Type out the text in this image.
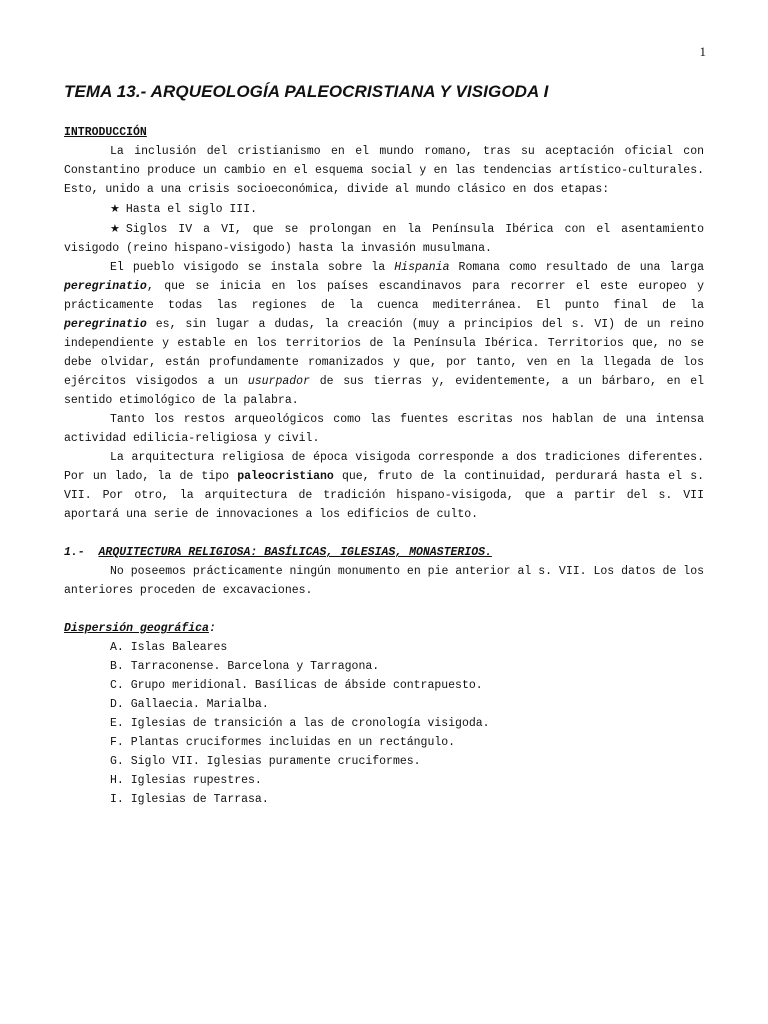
1
TEMA 13.- ARQUEOLOGÍA PALEOCRISTIANA Y VISIGODA I

INTRODUCCIÓN

La inclusión del cristianismo en el mundo romano, tras su aceptación oficial con Constantino produce un cambio en el esquema social y en las tendencias artístico-culturales. Esto, unido a una crisis socioeconómica, divide al mundo clásico en dos etapas:

★ Hasta el siglo III.

★ Siglos IV a VI, que se prolongan en la Península Ibérica con el asentamiento visigodo (reino hispano-visigodo) hasta la invasión musulmana.

El pueblo visigodo se instala sobre la Hispania Romana como resultado de una larga peregrinatio, que se inicia en los países escandinavos para recorrer el este europeo y prácticamente todas las regiones de la cuenca mediterránea. El punto final de la peregrinatio es, sin lugar a dudas, la creación (muy a principios del s. VI) de un reino independiente y estable en los territorios de la Península Ibérica. Territorios que, no se debe olvidar, están profundamente romanizados y que, por tanto, ven en la llegada de los ejércitos visigodos a un usurpador de sus tierras y, evidentemente, a un bárbaro, en el sentido etimológico de la palabra.

Tanto los restos arqueológicos como las fuentes escritas nos hablan de una intensa actividad edilicia-religiosa y civil.

La arquitectura religiosa de época visigoda corresponde a dos tradiciones diferentes. Por un lado, la de tipo paleocristiano que, fruto de la continuidad, perdurará hasta el s. VII. Por otro, la arquitectura de tradición hispano-visigoda, que a partir del s. VII aportará una serie de innovaciones a los edificios de culto.

1.- ARQUITECTURA RELIGIOSA: BASÍLICAS, IGLESIAS, MONASTERIOS.

No poseemos prácticamente ningún monumento en pie anterior al s. VII. Los datos de los anteriores proceden de excavaciones.

Dispersión geográfica:

A. Islas Baleares
B. Tarraconense. Barcelona y Tarragona.
C. Grupo meridional. Basílicas de ábside contrapuesto.
D. Gallaecia. Marialba.
E. Iglesias de transición a las de cronología visigoda.
F. Plantas cruciformes incluidas en un rectángulo.
G. Siglo VII. Iglesias puramente cruciformes.
H. Iglesias rupestres.
I. Iglesias de Tarrasa.
